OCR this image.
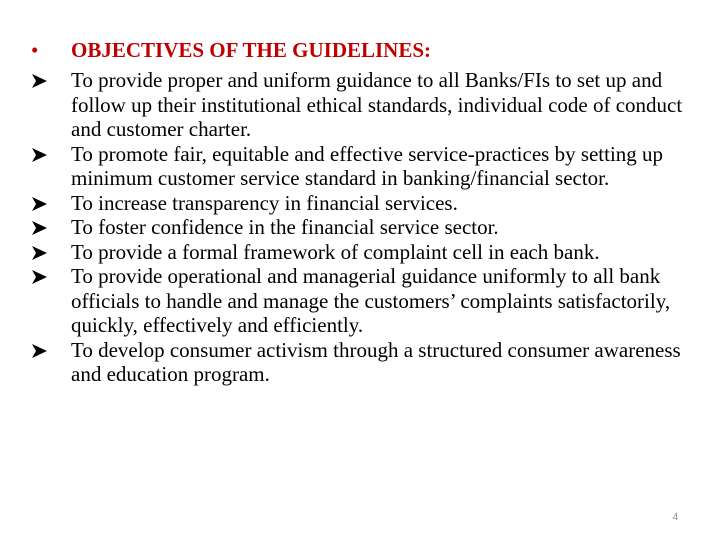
• OBJECTIVES OF THE GUIDELINES:
To provide proper and uniform guidance to all Banks/FIs to set up and follow up their institutional ethical standards, individual code of conduct and customer charter.
To promote fair, equitable and effective service-practices by setting up minimum customer service standard in banking/financial sector.
To increase transparency in financial services.
To foster confidence in the financial service sector.
To provide a formal framework of complaint cell in each bank.
To provide operational and managerial guidance uniformly to all bank officials to handle and manage the customers’ complaints satisfactorily, quickly, effectively and efficiently.
To develop consumer activism through a structured consumer awareness and education program.
4
